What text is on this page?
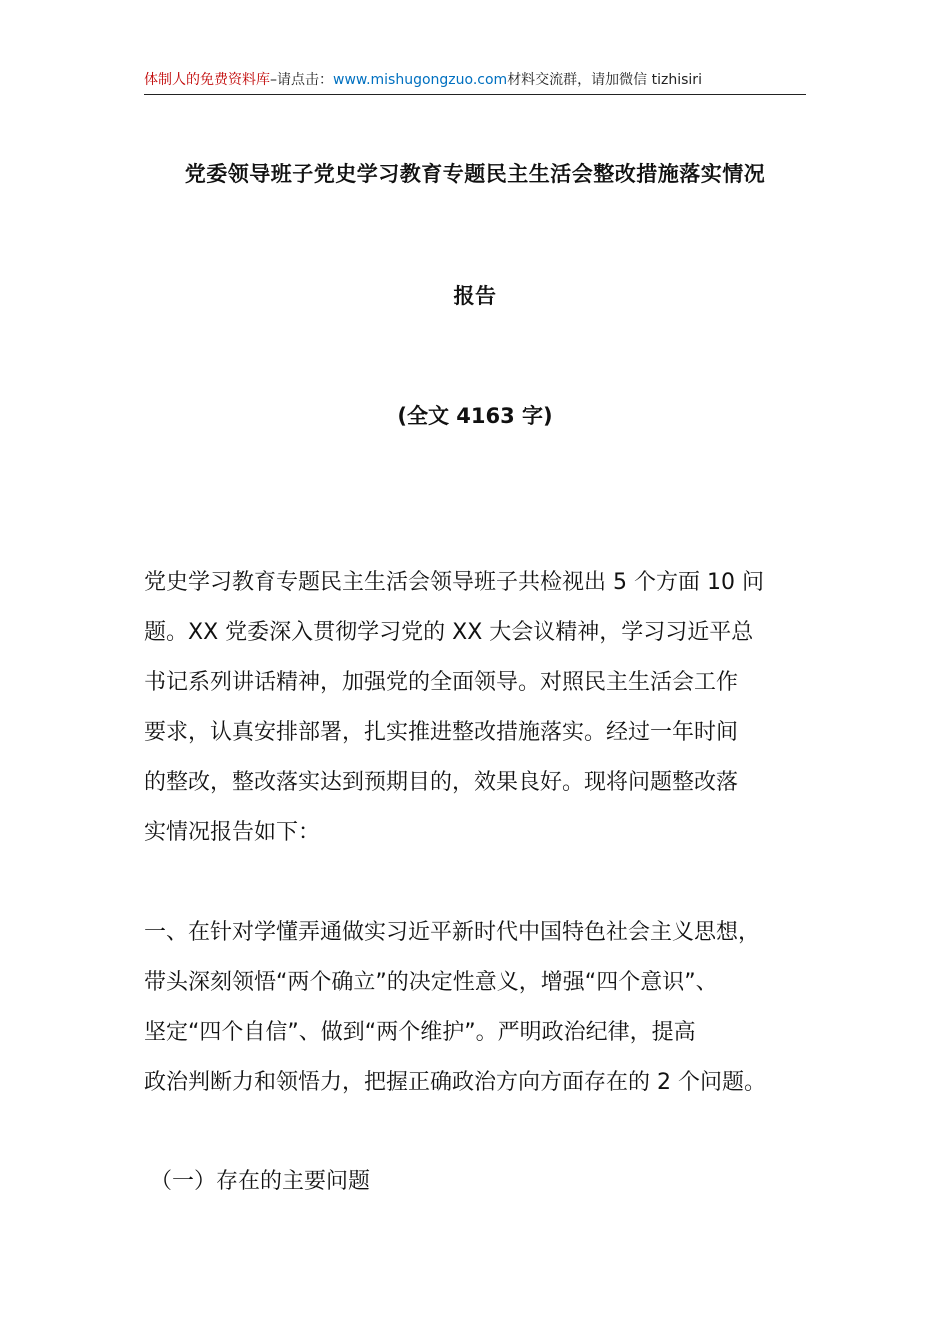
体制人的免费资料库–请点击：www.mishugongzuo.com材料交流群，请加微信 tizhisiri
党委领导班子党史学习教育专题民主生活会整改措施落实情况
报告
(全文 4163 字)

党史学习教育专题民主生活会领导班子共检视出 5 个方面 10 问
题。XX 党委深入贯彻学习党的 XX 大会议精神，学习习近平总
书记系列讲话精神，加强党的全面领导。对照民主生活会工作
要求，认真安排部署，扎实推进整改措施落实。经过一年时间
的整改，整改落实达到预期目的，效果良好。现将问题整改落
实情况报告如下：

一、在针对学懂弄通做实习近平新时代中国特色社会主义思想，
带头深刻领悟“两个确立”的决定性意义，增强“四个意识”、
坚定“四个自信”、做到“两个维护”。严明政治纪律，提高
政治判断力和领悟力，把握正确政治方向方面存在的 2 个问题。

（一）存在的主要问题
